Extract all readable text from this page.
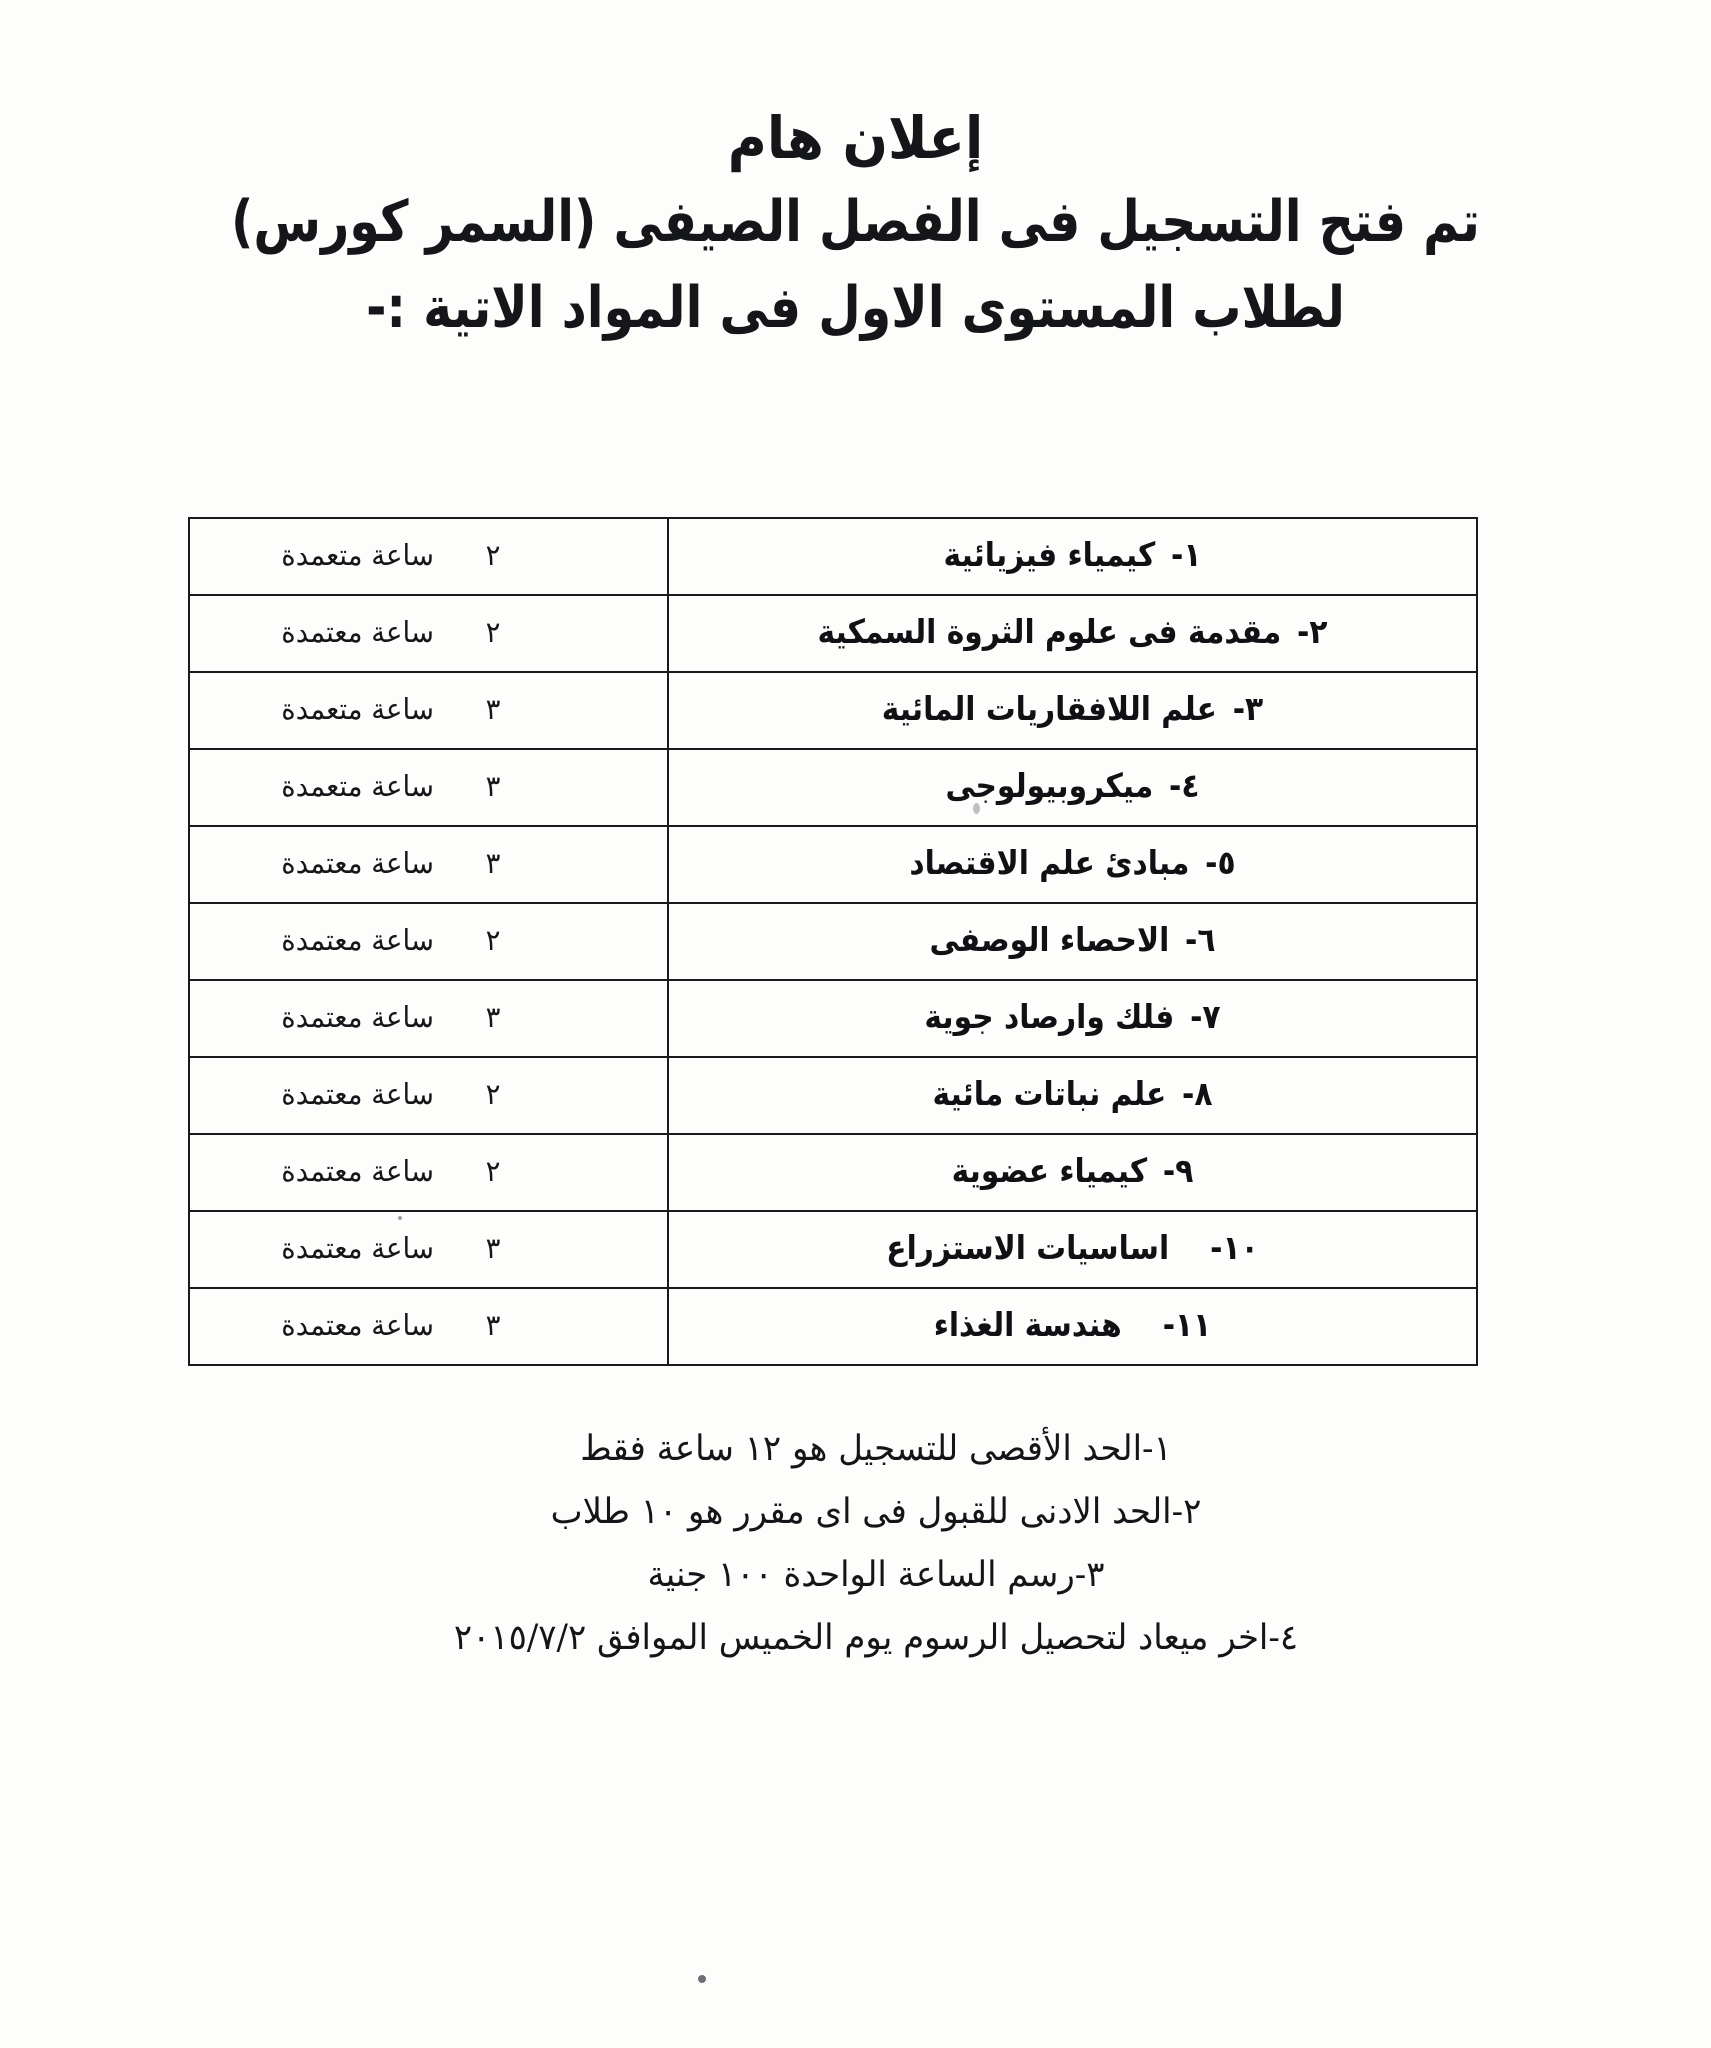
إعلان هام

تم فتح التسجيل فى الفصل الصيفى (السمر كورس)

لطلاب المستوى الاول فى المواد الاتية :-

١- كيمياء فيزيائية	٢ ساعة متعمدة

٢- مقدمة فى علوم الثروة السمكية	٢ ساعة معتمدة

٣- علم اللافقاريات المائية	٣ ساعة متعمدة

٤- ميكروبيولوجى	٣ ساعة متعمدة

٥- مبادئ علم الاقتصاد	٣ ساعة معتمدة

٦- الاحصاء الوصفى	٢ ساعة معتمدة

٧- فلك وارصاد جوية	٣ ساعة معتمدة

٨- علم نباتات مائية	٢ ساعة معتمدة

٩- كيمياء عضوية	٢ ساعة معتمدة

١٠- اساسيات الاستزراع	٣ ساعة معتمدة

١١- هندسة الغذاء	٣ ساعة معتمدة

١-الحد الأقصى للتسجيل هو ١٢ ساعة فقط

٢-الحد الادنى للقبول فى اى مقرر هو ١٠ طلاب

٣-رسم الساعة الواحدة ١٠٠ جنية

٤-اخر ميعاد لتحصيل الرسوم يوم الخميس الموافق ٢٠١٥/٧/٢
